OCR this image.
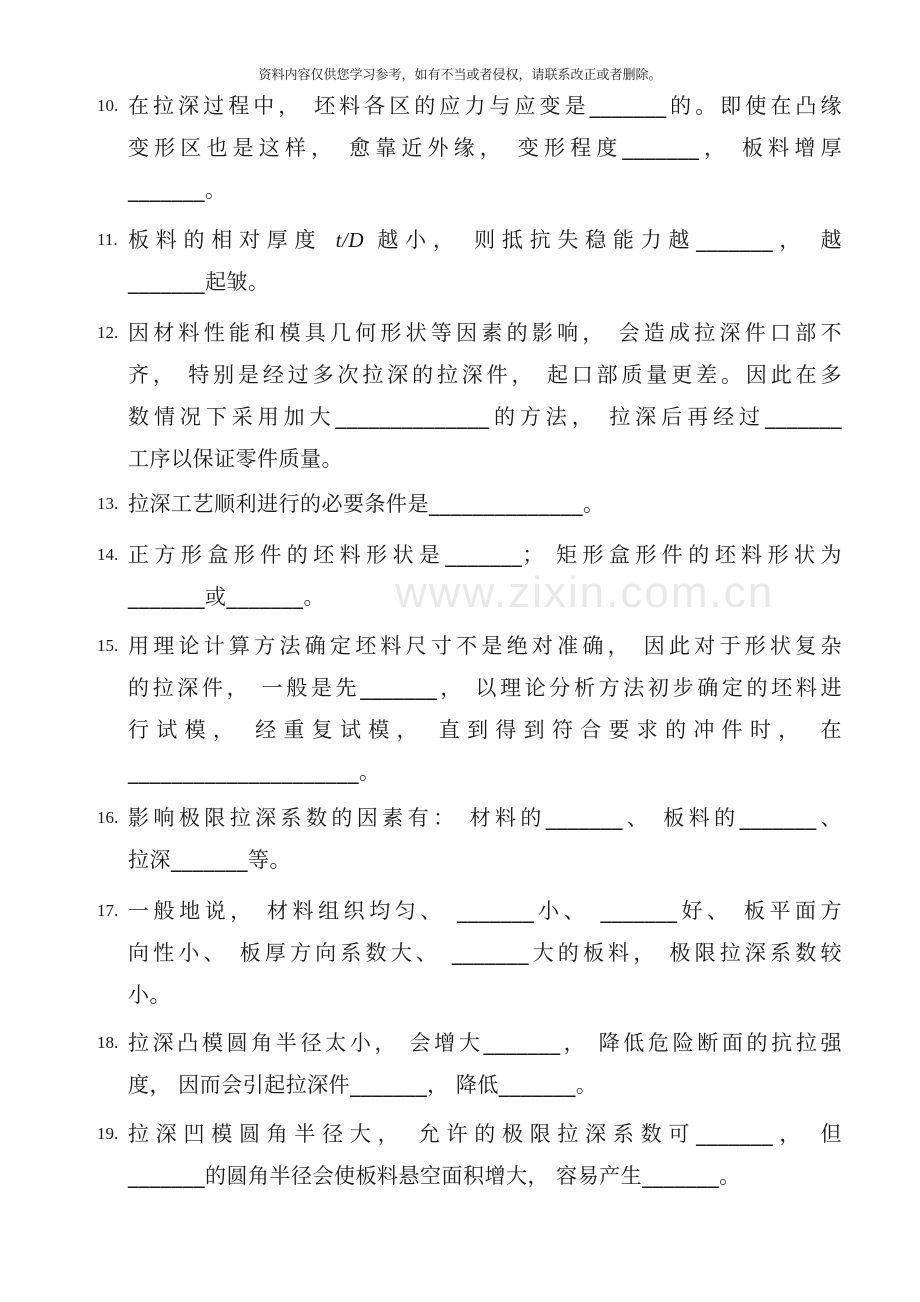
资料内容仅供您学习参考，如有不当或者侵权，请联系改正或者删除。
www.zixin.com.cn
10. 在拉深过程中， 坯料各区的应力与应变是_______的。即使在凸缘
变形区也是这样， 愈靠近外缘， 变形程度_______， 板料增厚
_______。
11. 板料的相对厚度 t/D 越小， 则抵抗失稳能力越_______， 越
_______起皱。
12. 因材料性能和模具几何形状等因素的影响， 会造成拉深件口部不
齐， 特别是经过多次拉深的拉深件， 起口部质量更差。因此在多
数情况下采用加大______________的方法， 拉深后再经过_______
工序以保证零件质量。
13. 拉深工艺顺利进行的必要条件是______________。
14. 正方形盒形件的坯料形状是_______； 矩形盒形件的坯料形状为
_______或_______。
15. 用理论计算方法确定坯料尺寸不是绝对准确， 因此对于形状复杂
的拉深件， 一般是先_______， 以理论分析方法初步确定的坯料进
行试模， 经重复试模， 直到得到符合要求的冲件时， 在
_____________________。
16. 影响极限拉深系数的因素有： 材料的_______、 板料的_______、
拉深_______等。
17. 一般地说， 材料组织均匀、 _______小、 _______好、 板平面方
向性小、 板厚方向系数大、 _______大的板料， 极限拉深系数较
小。
18. 拉深凸模圆角半径太小， 会增大_______， 降低危险断面的抗拉强
度， 因而会引起拉深件_______， 降低_______。
19. 拉深凹模圆角半径大， 允许的极限拉深系数可_______， 但
_______的圆角半径会使板料悬空面积增大， 容易产生_______。
